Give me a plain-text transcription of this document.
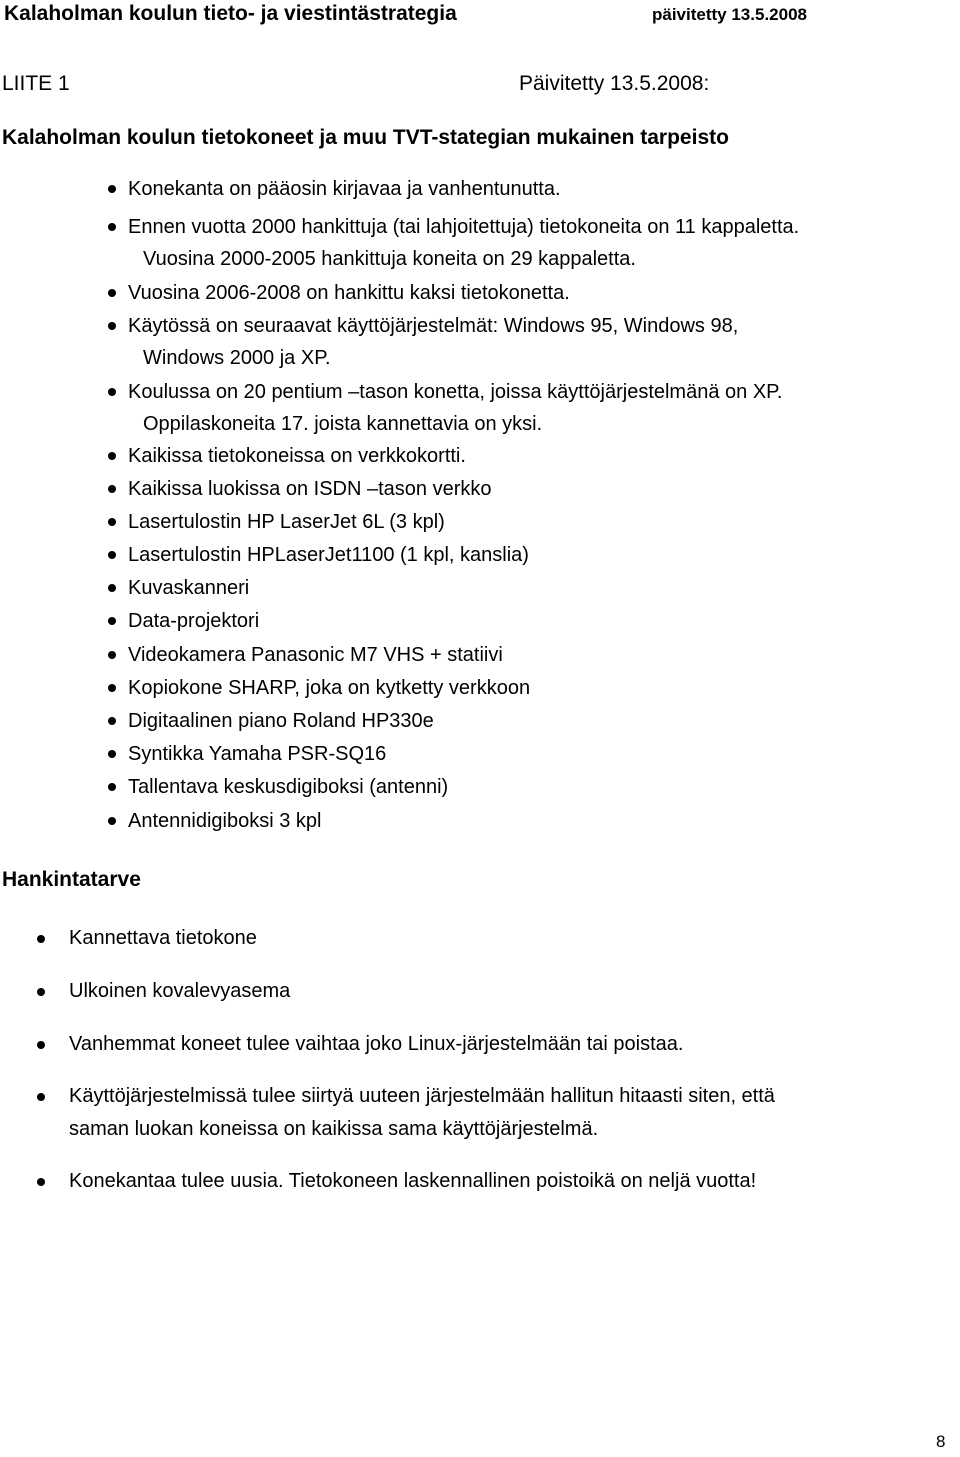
Kalaholman koulun tieto- ja viestintästrategia	päivitetty 13.5.2008
LIITE 1	Päivitetty 13.5.2008:
Kalaholman koulun tietokoneet ja muu TVT-stategian mukainen tarpeisto
Konekanta on pääosin kirjavaa ja vanhentunutta.
Ennen vuotta 2000 hankittuja (tai lahjoitettuja) tietokoneita on 11 kappaletta.
Vuosina 2000-2005 hankittuja koneita on 29 kappaletta.
Vuosina 2006-2008 on hankittu kaksi tietokonetta.
Käytössä on seuraavat käyttöjärjestelmät: Windows 95, Windows 98,
Windows 2000 ja XP.
Koulussa on 20 pentium –tason konetta, joissa käyttöjärjestelmänä on XP.
Oppilaskoneita 17. joista kannettavia on yksi.
Kaikissa tietokoneissa on verkkokortti.
Kaikissa luokissa on ISDN –tason verkko
Lasertulostin HP LaserJet 6L (3 kpl)
Lasertulostin HPLaserJet1100 (1 kpl, kanslia)
Kuvaskanneri
Data-projektori
Videokamera Panasonic M7 VHS + statiivi
Kopiokone SHARP, joka on kytketty verkkoon
Digitaalinen piano Roland HP330e
Syntikka Yamaha PSR-SQ16
Tallentava keskusdigiboksi (antenni)
Antennidigiboksi 3 kpl
Hankintatarve
Kannettava tietokone
Ulkoinen kovalevyasema
Vanhemmat koneet tulee vaihtaa joko Linux-järjestelmään tai poistaa.
Käyttöjärjestelmissä tulee siirtyä uuteen järjestelmään hallitun hitaasti siten, että
saman luokan koneissa on kaikissa sama käyttöjärjestelmä.
Konekantaa tulee uusia. Tietokoneen laskennallinen poistoikä on neljä vuotta!
8
